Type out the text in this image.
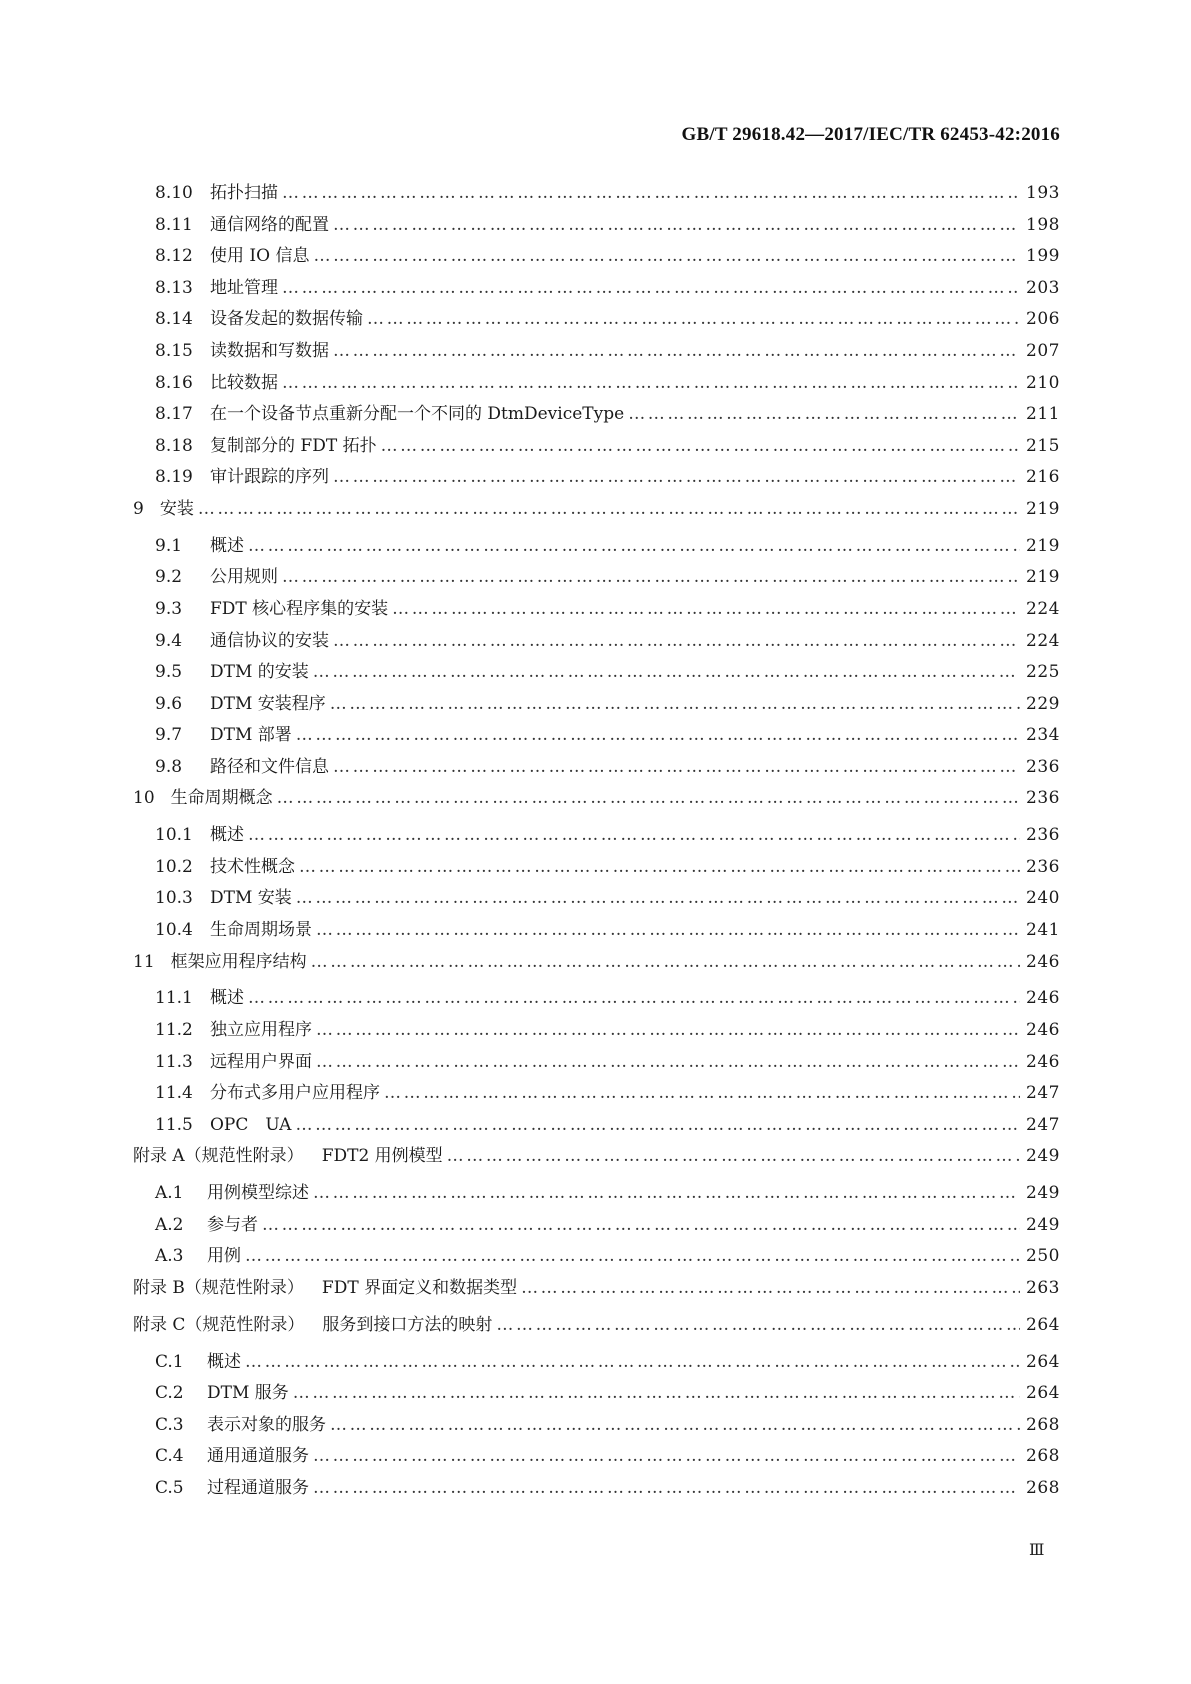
GB/T 29618.42—2017/IEC/TR 62453-42:2016
8.10	拓扑扫描 …………………………………………………………………………………………………………………………………………………………………………………………………………………………	193
8.11	通信网络的配置 …………………………………………………………………………………………………………………………………………………………………………………………………………………………	198
8.12	使用 IO 信息 …………………………………………………………………………………………………………………………………………………………………………………………………………………………	199
8.13	地址管理 …………………………………………………………………………………………………………………………………………………………………………………………………………………………	203
8.14	设备发起的数据传输 …………………………………………………………………………………………………………………………………………………………………………………………………………………………	206
8.15	读数据和写数据 …………………………………………………………………………………………………………………………………………………………………………………………………………………………	207
8.16	比较数据 …………………………………………………………………………………………………………………………………………………………………………………………………………………………	210
8.17	在一个设备节点重新分配一个不同的 DtmDeviceType …………………………………………………………………………………………………………………………………………………………………………………………………………………………	211
8.18	复制部分的 FDT 拓扑 …………………………………………………………………………………………………………………………………………………………………………………………………………………………	215
8.19	审计跟踪的序列 …………………………………………………………………………………………………………………………………………………………………………………………………………………………	216
9 安装 …………………………………………………………………………………………………………………………………………………………………………………………………………………………	219
9.1	概述 …………………………………………………………………………………………………………………………………………………………………………………………………………………………	219
9.2	公用规则 …………………………………………………………………………………………………………………………………………………………………………………………………………………………	219
9.3	FDT 核心程序集的安装 …………………………………………………………………………………………………………………………………………………………………………………………………………………………	224
9.4	通信协议的安装 …………………………………………………………………………………………………………………………………………………………………………………………………………………………	224
9.5	DTM 的安装 …………………………………………………………………………………………………………………………………………………………………………………………………………………………	225
9.6	DTM 安装程序 …………………………………………………………………………………………………………………………………………………………………………………………………………………………	229
9.7	DTM 部署 …………………………………………………………………………………………………………………………………………………………………………………………………………………………	234
9.8	路径和文件信息 …………………………………………………………………………………………………………………………………………………………………………………………………………………………	236
10 生命周期概念 …………………………………………………………………………………………………………………………………………………………………………………………………………………………	236
10.1	概述 …………………………………………………………………………………………………………………………………………………………………………………………………………………………	236
10.2	技术性概念 …………………………………………………………………………………………………………………………………………………………………………………………………………………………	236
10.3	DTM 安装 …………………………………………………………………………………………………………………………………………………………………………………………………………………………	240
10.4	生命周期场景 …………………………………………………………………………………………………………………………………………………………………………………………………………………………	241
11 框架应用程序结构 …………………………………………………………………………………………………………………………………………………………………………………………………………………………	246
11.1	概述 …………………………………………………………………………………………………………………………………………………………………………………………………………………………	246
11.2	独立应用程序 …………………………………………………………………………………………………………………………………………………………………………………………………………………………	246
11.3	远程用户界面 …………………………………………………………………………………………………………………………………………………………………………………………………………………………	246
11.4	分布式多用户应用程序 …………………………………………………………………………………………………………………………………………………………………………………………………………………………	247
11.5	OPC　UA …………………………………………………………………………………………………………………………………………………………………………………………………………………………	247
附录 A（规范性附录） FDT2 用例模型 …………………………………………………………………………………………………………………………………………………………………………………………………………………………	249
A.1	用例模型综述 …………………………………………………………………………………………………………………………………………………………………………………………………………………………	249
A.2	参与者 …………………………………………………………………………………………………………………………………………………………………………………………………………………………	249
A.3	用例 …………………………………………………………………………………………………………………………………………………………………………………………………………………………	250
附录 B（规范性附录） FDT 界面定义和数据类型 …………………………………………………………………………………………………………………………………………………………………………………………………………………………	263
附录 C（规范性附录） 服务到接口方法的映射 …………………………………………………………………………………………………………………………………………………………………………………………………………………………	264
C.1	概述 …………………………………………………………………………………………………………………………………………………………………………………………………………………………	264
C.2	DTM 服务 …………………………………………………………………………………………………………………………………………………………………………………………………………………………	264
C.3	表示对象的服务 …………………………………………………………………………………………………………………………………………………………………………………………………………………………	268
C.4	通用通道服务 …………………………………………………………………………………………………………………………………………………………………………………………………………………………	268
C.5	过程通道服务 …………………………………………………………………………………………………………………………………………………………………………………………………………………………	268
Ⅲ
